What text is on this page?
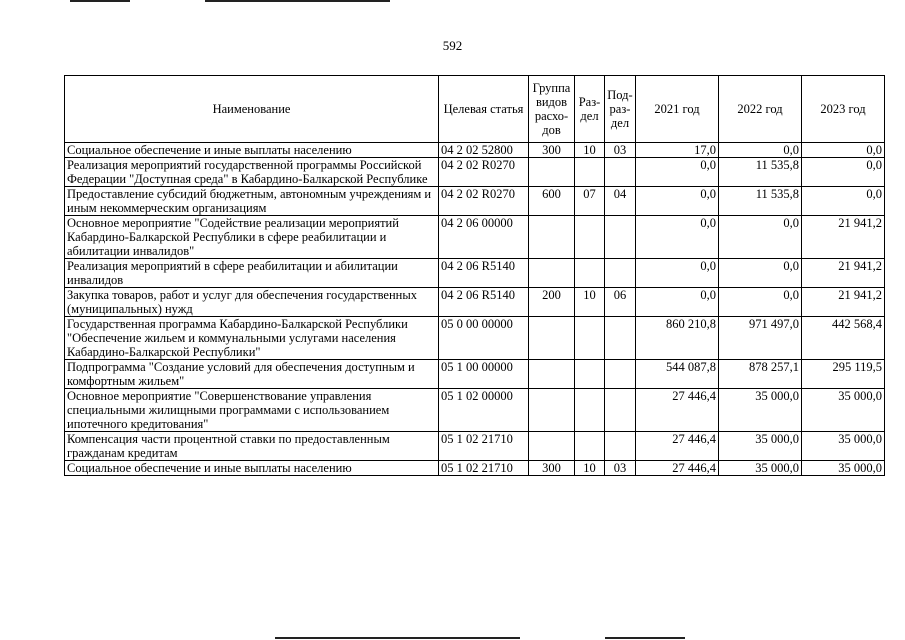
592
Наименование	Целевая статья	Группа видов расхо-дов	Раз-дел	Под-раз-дел	2021 год	2022 год	2023 год
Социальное обеспечение и иные выплаты населению	04 2 02 52800	300	10	03	17,0	0,0	0,0
Реализация мероприятий государственной программы Российской Федерации "Доступная среда" в Кабардино-Балкарской Республике	04 2 02 R0270				0,0	11 535,8	0,0
Предоставление субсидий бюджетным, автономным учреждениям и иным некоммерческим организациям	04 2 02 R0270	600	07	04	0,0	11 535,8	0,0
Основное мероприятие "Содействие реализации мероприятий Кабардино-Балкарской Республики в сфере реабилитации и абилитации инвалидов"	04 2 06 00000				0,0	0,0	21 941,2
Реализация мероприятий в сфере реабилитации и абилитации инвалидов	04 2 06 R5140				0,0	0,0	21 941,2
Закупка товаров, работ и услуг для обеспечения государственных (муниципальных) нужд	04 2 06 R5140	200	10	06	0,0	0,0	21 941,2
Государственная программа Кабардино-Балкарской Республики "Обеспечение жильем и коммунальными услугами населения Кабардино-Балкарской Республики"	05 0 00 00000				860 210,8	971 497,0	442 568,4
Подпрограмма "Создание условий для обеспечения доступным и комфортным жильем"	05 1 00 00000				544 087,8	878 257,1	295 119,5
Основное мероприятие "Совершенствование управления специальными жилищными программами с использованием ипотечного кредитования"	05 1 02 00000				27 446,4	35 000,0	35 000,0
Компенсация части процентной ставки по предоставленным гражданам кредитам	05 1 02 21710				27 446,4	35 000,0	35 000,0
Социальное обеспечение и иные выплаты населению	05 1 02 21710	300	10	03	27 446,4	35 000,0	35 000,0
